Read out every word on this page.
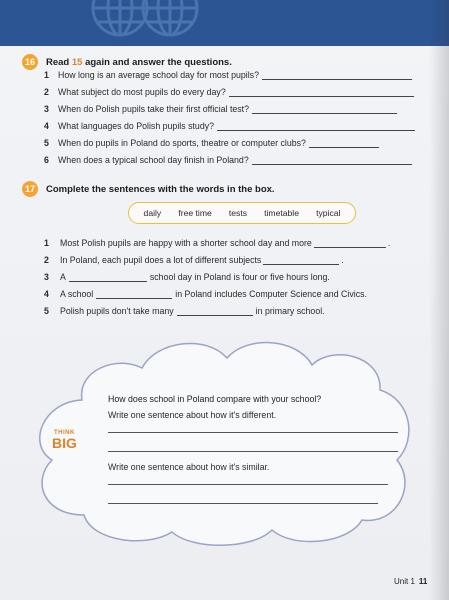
16	Read 15 again and answer the questions.
1	How long is an average school day for most pupils?
2	What subject do most pupils do every day?
3	When do Polish pupils take their first official test?
4	What languages do Polish pupils study?
5	When do pupils in Poland do sports, theatre or computer clubs?
6	When does a typical school day finish in Poland?
17	Complete the sentences with the words in the box.
daily free time tests timetable typical
1	Most Polish pupils are happy with a shorter school day and more	.
2	In Poland, each pupil does a lot of different subjects	.
3	A	school day in Poland is four or five hours long.
4	A school	in Poland includes Computer Science and Civics.
5	Polish pupils don't take many	in primary school.
THINK
BIG
How does school in Poland compare with your school?
Write one sentence about how it's different.
Write one sentence about how it's similar.
Unit 1 11
